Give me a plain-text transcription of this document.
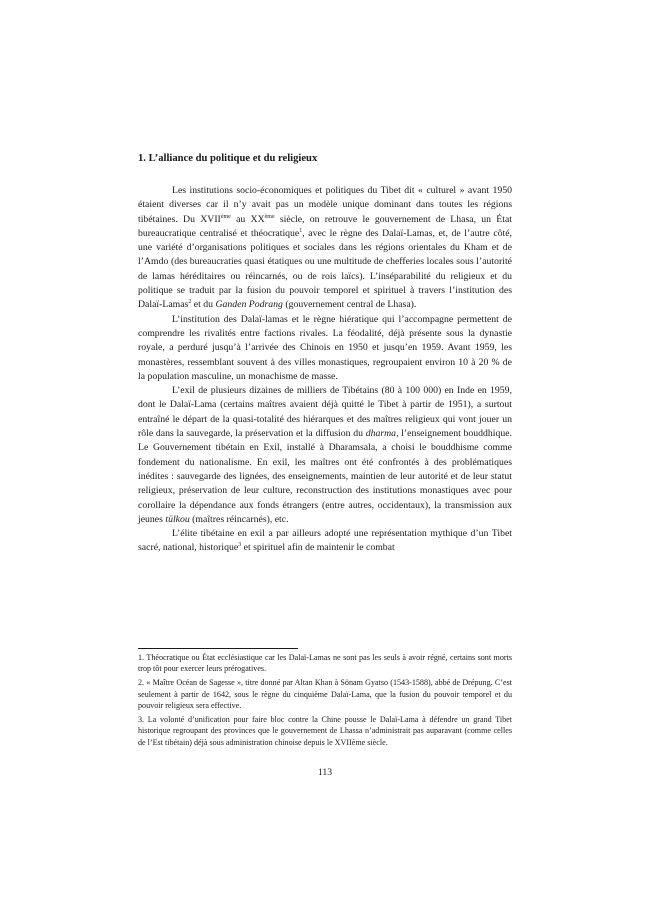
1. L’alliance du politique et du religieux

Les institutions socio-économiques et politiques du Tibet dit « culturel » avant 1950 étaient diverses car il n’y avait pas un modèle unique dominant dans toutes les régions tibétaines. Du XVIIème au XXème siècle, on retrouve le gouvernement de Lhasa, un État bureaucratique centralisé et théocratique$^1$, avec le règne des Dalaï-Lamas, et, de l’autre côté, une variété d’organisations politiques et sociales dans les régions orientales du Kham et de l’Amdo (des bureaucraties quasi étatiques ou une multitude de chefferies locales sous l’autorité de lamas héréditaires ou réincarnés, ou de rois laïcs). L’inséparabilité du religieux et du politique se traduit par la fusion du pouvoir temporel et spirituel à travers l’institution des Dalaï-Lamas$^2$ et du Ganden Podrang (gouvernement central de Lhasa).

L’institution des Dalaï-lamas et le règne hiératique qui l’accompagne permettent de comprendre les rivalités entre factions rivales. La féodalité, déjà présente sous la dynastie royale, a perduré jusqu’à l’arrivée des Chinois en 1950 et jusqu’en 1959. Avant 1959, les monastères, ressemblant souvent à des villes monastiques, regroupaient environ 10 à 20 % de la population masculine, un monachisme de masse.

L’exil de plusieurs dizaines de milliers de Tibétains (80 à 100 000) en Inde en 1959, dont le Dalaï-Lama (certains maîtres avaient déjà quitté le Tibet à partir de 1951), a surtout entraîné le départ de la quasi-totalité des hiérarques et des maîtres religieux qui vont jouer un rôle dans la sauvegarde, la préservation et la diffusion du dharma, l’enseignement bouddhique. Le Gouvernement tibétain en Exil, installé à Dharamsala, a choisi le bouddhisme comme fondement du nationalisme. En exil, les maîtres ont été confrontés à des problématiques inédites : sauvegarde des lignées, des enseignements, maintien de leur autorité et de leur statut religieux, préservation de leur culture, reconstruction des institutions monastiques avec pour corollaire la dépendance aux fonds étrangers (entre autres, occidentaux), la transmission aux jeunes tülkou (maîtres réincarnés), etc.

L’élite tibétaine en exil a par ailleurs adopté une représentation mythique d’un Tibet sacré, national, historique$^3$ et spirituel afin de maintenir le combat

1. Théocratique ou État ecclésiastique car les Dalaï-Lamas ne sont pas les seuls à avoir régné, certains sont morts trop tôt pour exercer leurs prérogatives.

2. « Maître Océan de Sagesse », titre donné par Altan Khan à Sönam Gyatso (1543-1588), abbé de Drépung. C’est seulement à partir de 1642, sous le règne du cinquième Dalaï-Lama, que la fusion du pouvoir temporel et du pouvoir religieux sera effective.

3. La volonté d’unification pour faire bloc contre la Chine pousse le Dalaï-Lama à défendre un grand Tibet historique regroupant des provinces que le gouvernement de Lhassa n’administrait pas auparavant (comme celles de l’Est tibétain) déjà sous administration chinoise depuis le XVIIème siècle.

113
